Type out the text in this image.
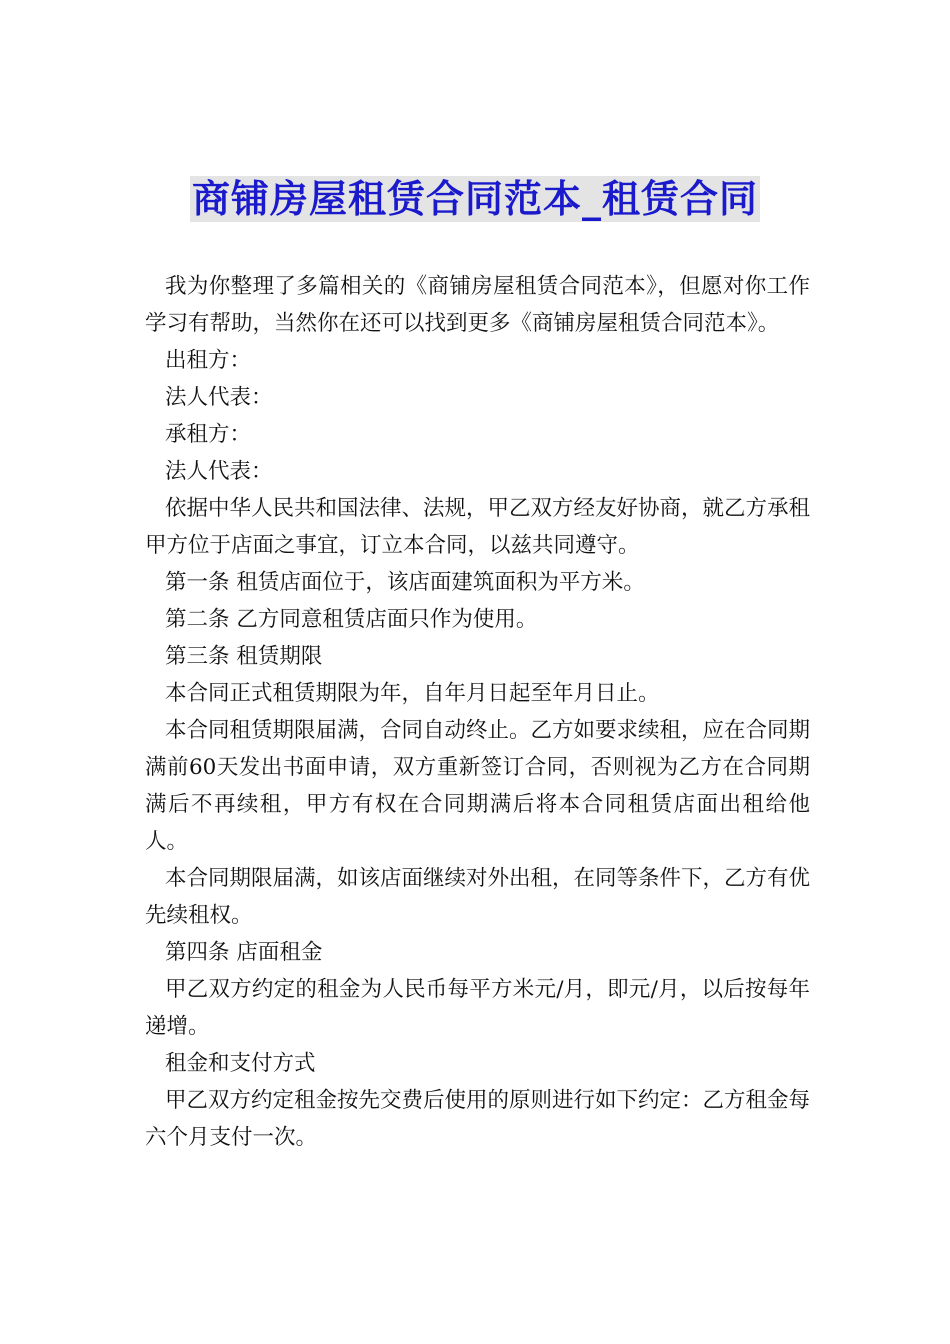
商铺房屋租赁合同范本_租赁合同

我为你整理了多篇相关的《商铺房屋租赁合同范本》，但愿对你工作学习有帮助，当然你在还可以找到更多《商铺房屋租赁合同范本》。

出租方：

法人代表：

承租方：

法人代表：

依据中华人民共和国法律、法规，甲乙双方经友好协商，就乙方承租甲方位于店面之事宜，订立本合同，以兹共同遵守。

第一条 租赁店面位于，该店面建筑面积为平方米。

第二条 乙方同意租赁店面只作为使用。

第三条 租赁期限

本合同正式租赁期限为年，自年月日起至年月日止。

本合同租赁期限届满，合同自动终止。乙方如要求续租，应在合同期满前60天发出书面申请，双方重新签订合同，否则视为乙方在合同期满后不再续租，甲方有权在合同期满后将本合同租赁店面出租给他人。

本合同期限届满，如该店面继续对外出租，在同等条件下，乙方有优先续租权。

第四条 店面租金

甲乙双方约定的租金为人民币每平方米元/月，即元/月，以后按每年递增。

租金和支付方式

甲乙双方约定租金按先交费后使用的原则进行如下约定：乙方租金每六个月支付一次。
